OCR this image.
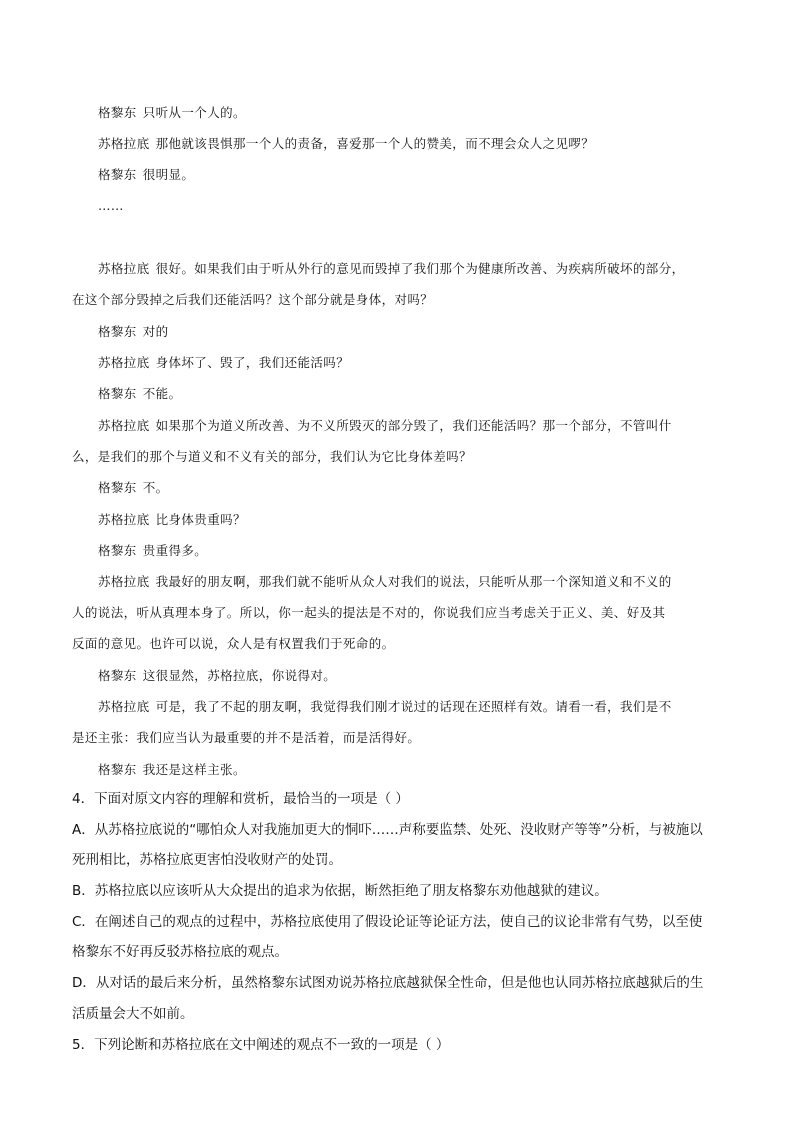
格黎东 只听从一个人的。

苏格拉底 那他就该畏惧那一个人的责备，喜爱那一个人的赞美，而不理会众人之见啰？

格黎东 很明显。

……

苏格拉底 很好。如果我们由于听从外行的意见而毁掉了我们那个为健康所改善、为疾病所破坏的部分，

在这个部分毁掉之后我们还能活吗？这个部分就是身体，对吗？

格黎东 对的

苏格拉底 身体坏了、毁了，我们还能活吗？

格黎东 不能。

苏格拉底 如果那个为道义所改善、为不义所毁灭的部分毁了，我们还能活吗？那一个部分，不管叫什

么，是我们的那个与道义和不义有关的部分，我们认为它比身体差吗？

格黎东 不。

苏格拉底 比身体贵重吗？

格黎东 贵重得多。

苏格拉底 我最好的朋友啊，那我们就不能听从众人对我们的说法，只能听从那一个深知道义和不义的

人的说法，听从真理本身了。所以，你一起头的提法是不对的，你说我们应当考虑关于正义、美、好及其

反面的意见。也许可以说，众人是有权置我们于死命的。

格黎东 这很显然，苏格拉底，你说得对。

苏格拉底 可是，我了不起的朋友啊，我觉得我们刚才说过的话现在还照样有效。请看一看，我们是不

是还主张：我们应当认为最重要的并不是活着，而是活得好。

格黎东 我还是这样主张。

4．下面对原文内容的理解和赏析，最恰当的一项是（ ）

A．从苏格拉底说的“哪怕众人对我施加更大的恫吓……声称要监禁、处死、没收财产等等”分析，与被施以

死刑相比，苏格拉底更害怕没收财产的处罚。

B．苏格拉底以应该听从大众提出的追求为依据，断然拒绝了朋友格黎东劝他越狱的建议。

C．在阐述自己的观点的过程中，苏格拉底使用了假设论证等论证方法，使自己的议论非常有气势，以至使

格黎东不好再反驳苏格拉底的观点。

D．从对话的最后来分析，虽然格黎东试图劝说苏格拉底越狱保全性命，但是他也认同苏格拉底越狱后的生

活质量会大不如前。

5．下列论断和苏格拉底在文中阐述的观点不一致的一项是（ ）
